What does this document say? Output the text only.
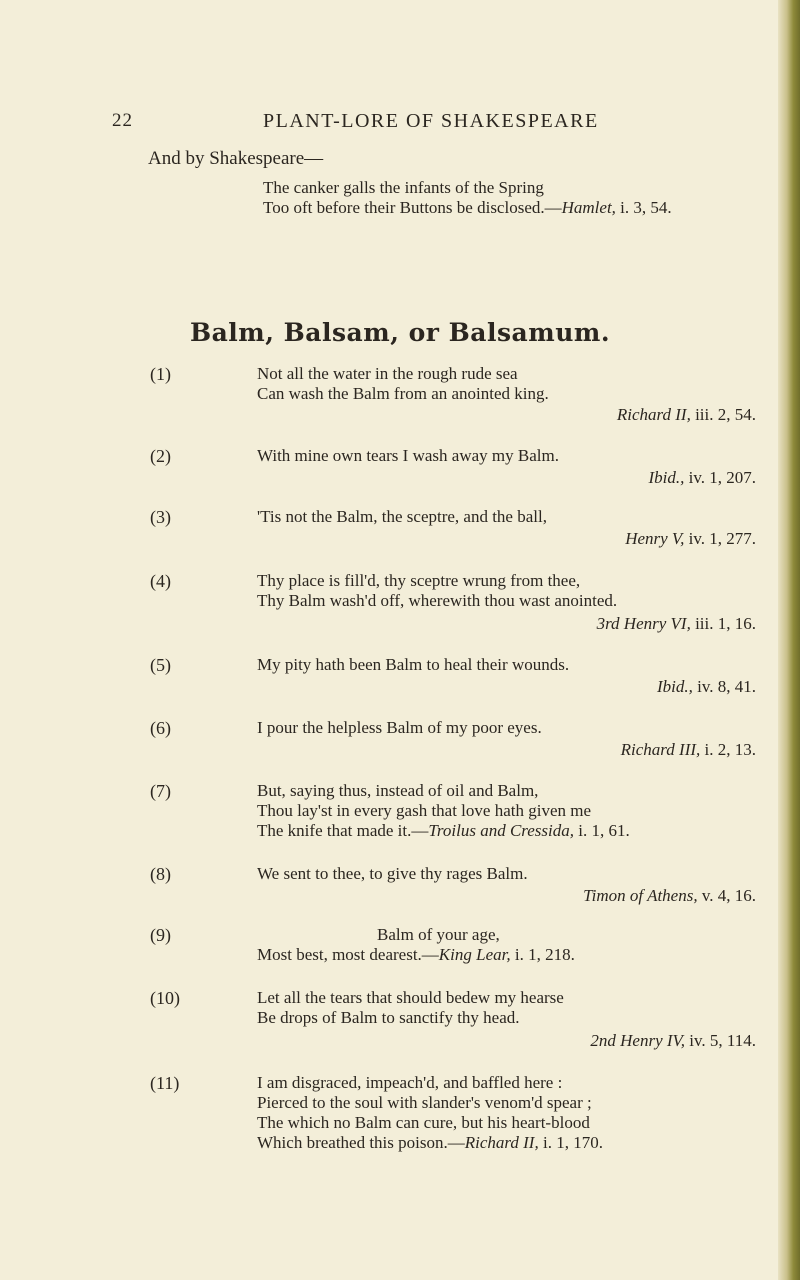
22	PLANT-LORE OF SHAKESPEARE
And by Shakespeare—
The canker galls the infants of the Spring
Too oft before their Buttons be disclosed.—Hamlet, i. 3, 54.
Balm, Balsam, or Balsamum.
(1)	Not all the water in the rough rude sea
Can wash the Balm from an anointed king.
Richard II, iii. 2, 54.
(2)	With mine own tears I wash away my Balm.
Ibid., iv. 1, 207.
(3)	'Tis not the Balm, the sceptre, and the ball,
Henry V, iv. 1, 277.
(4)	Thy place is fill'd, thy sceptre wrung from thee,
Thy Balm wash'd off, wherewith thou wast anointed.
3rd Henry VI, iii. 1, 16.
(5)	My pity hath been Balm to heal their wounds.
Ibid., iv. 8, 41.
(6)	I pour the helpless Balm of my poor eyes.
Richard III, i. 2, 13.
(7)	But, saying thus, instead of oil and Balm,
Thou lay'st in every gash that love hath given me
The knife that made it.—Troilus and Cressida, i. 1, 61.
(8)	We sent to thee, to give thy rages Balm.
Timon of Athens, v. 4, 16.
(9)	Balm of your age,
Most best, most dearest.—King Lear, i. 1, 218.
(10)	Let all the tears that should bedew my hearse
Be drops of Balm to sanctify thy head.
2nd Henry IV, iv. 5, 114.
(11)	I am disgraced, impeach'd, and baffled here :
Pierced to the soul with slander's venom'd spear ;
The which no Balm can cure, but his heart-blood
Which breathed this poison.—Richard II, i. 1, 170.
